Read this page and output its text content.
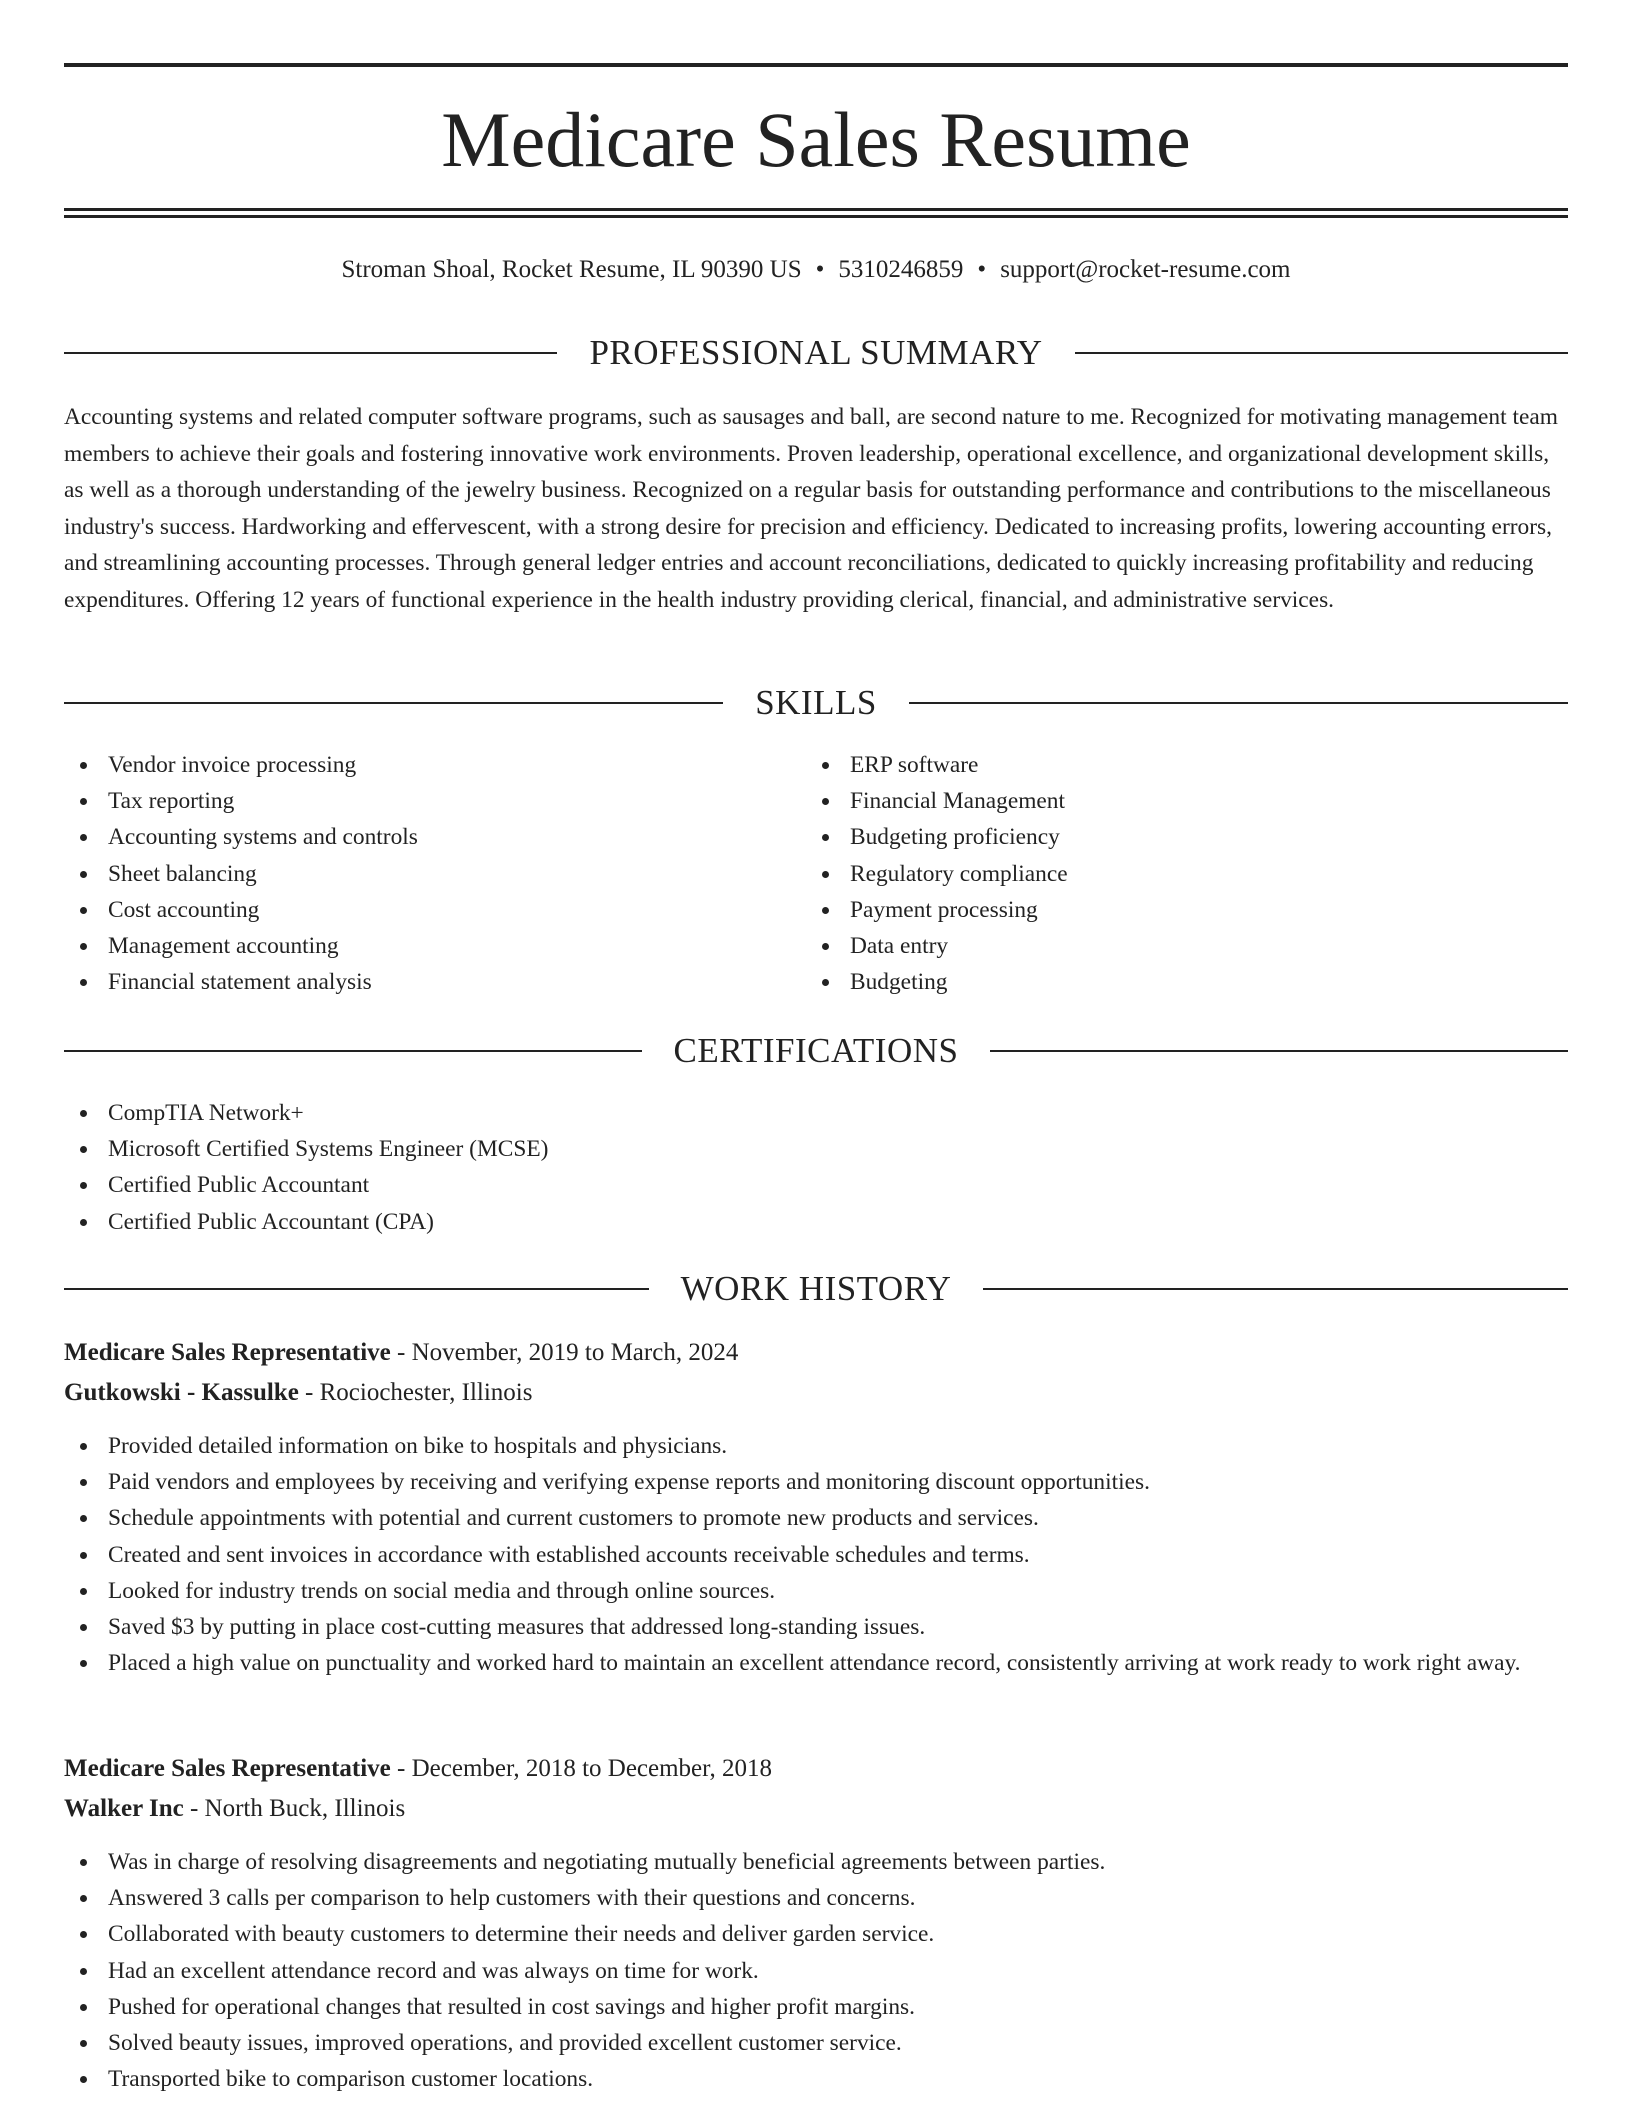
Medicare Sales Resume
Stroman Shoal, Rocket Resume, IL 90390 US • 5310246859 • support@rocket-resume.com
PROFESSIONAL SUMMARY

Accounting systems and related computer software programs, such as sausages and ball, are second nature to me. Recognized for motivating management team members to achieve their goals and fostering innovative work environments. Proven leadership, operational excellence, and organizational development skills, as well as a thorough understanding of the jewelry business. Recognized on a regular basis for outstanding performance and contributions to the miscellaneous industry's success. Hardworking and effervescent, with a strong desire for precision and efficiency. Dedicated to increasing profits, lowering accounting errors, and streamlining accounting processes. Through general ledger entries and account reconciliations, dedicated to quickly increasing profitability and reducing expenditures. Offering 12 years of functional experience in the health industry providing clerical, financial, and administrative services.

SKILLS
Vendor invoice processing
Tax reporting
Accounting systems and controls
Sheet balancing
Cost accounting
Management accounting
Financial statement analysis
ERP software
Financial Management
Budgeting proficiency
Regulatory compliance
Payment processing
Data entry
Budgeting
CERTIFICATIONS
CompTIA Network+
Microsoft Certified Systems Engineer (MCSE)
Certified Public Accountant
Certified Public Accountant (CPA)
WORK HISTORY
Medicare Sales Representative - November, 2019 to March, 2024
Gutkowski - Kassulke - Rociochester, Illinois
Provided detailed information on bike to hospitals and physicians.
Paid vendors and employees by receiving and verifying expense reports and monitoring discount opportunities.
Schedule appointments with potential and current customers to promote new products and services.
Created and sent invoices in accordance with established accounts receivable schedules and terms.
Looked for industry trends on social media and through online sources.
Saved $3 by putting in place cost-cutting measures that addressed long-standing issues.
Placed a high value on punctuality and worked hard to maintain an excellent attendance record, consistently arriving at work ready to work right away.
Medicare Sales Representative - December, 2018 to December, 2018
Walker Inc - North Buck, Illinois
Was in charge of resolving disagreements and negotiating mutually beneficial agreements between parties.
Answered 3 calls per comparison to help customers with their questions and concerns.
Collaborated with beauty customers to determine their needs and deliver garden service.
Had an excellent attendance record and was always on time for work.
Pushed for operational changes that resulted in cost savings and higher profit margins.
Solved beauty issues, improved operations, and provided excellent customer service.
Transported bike to comparison customer locations.
